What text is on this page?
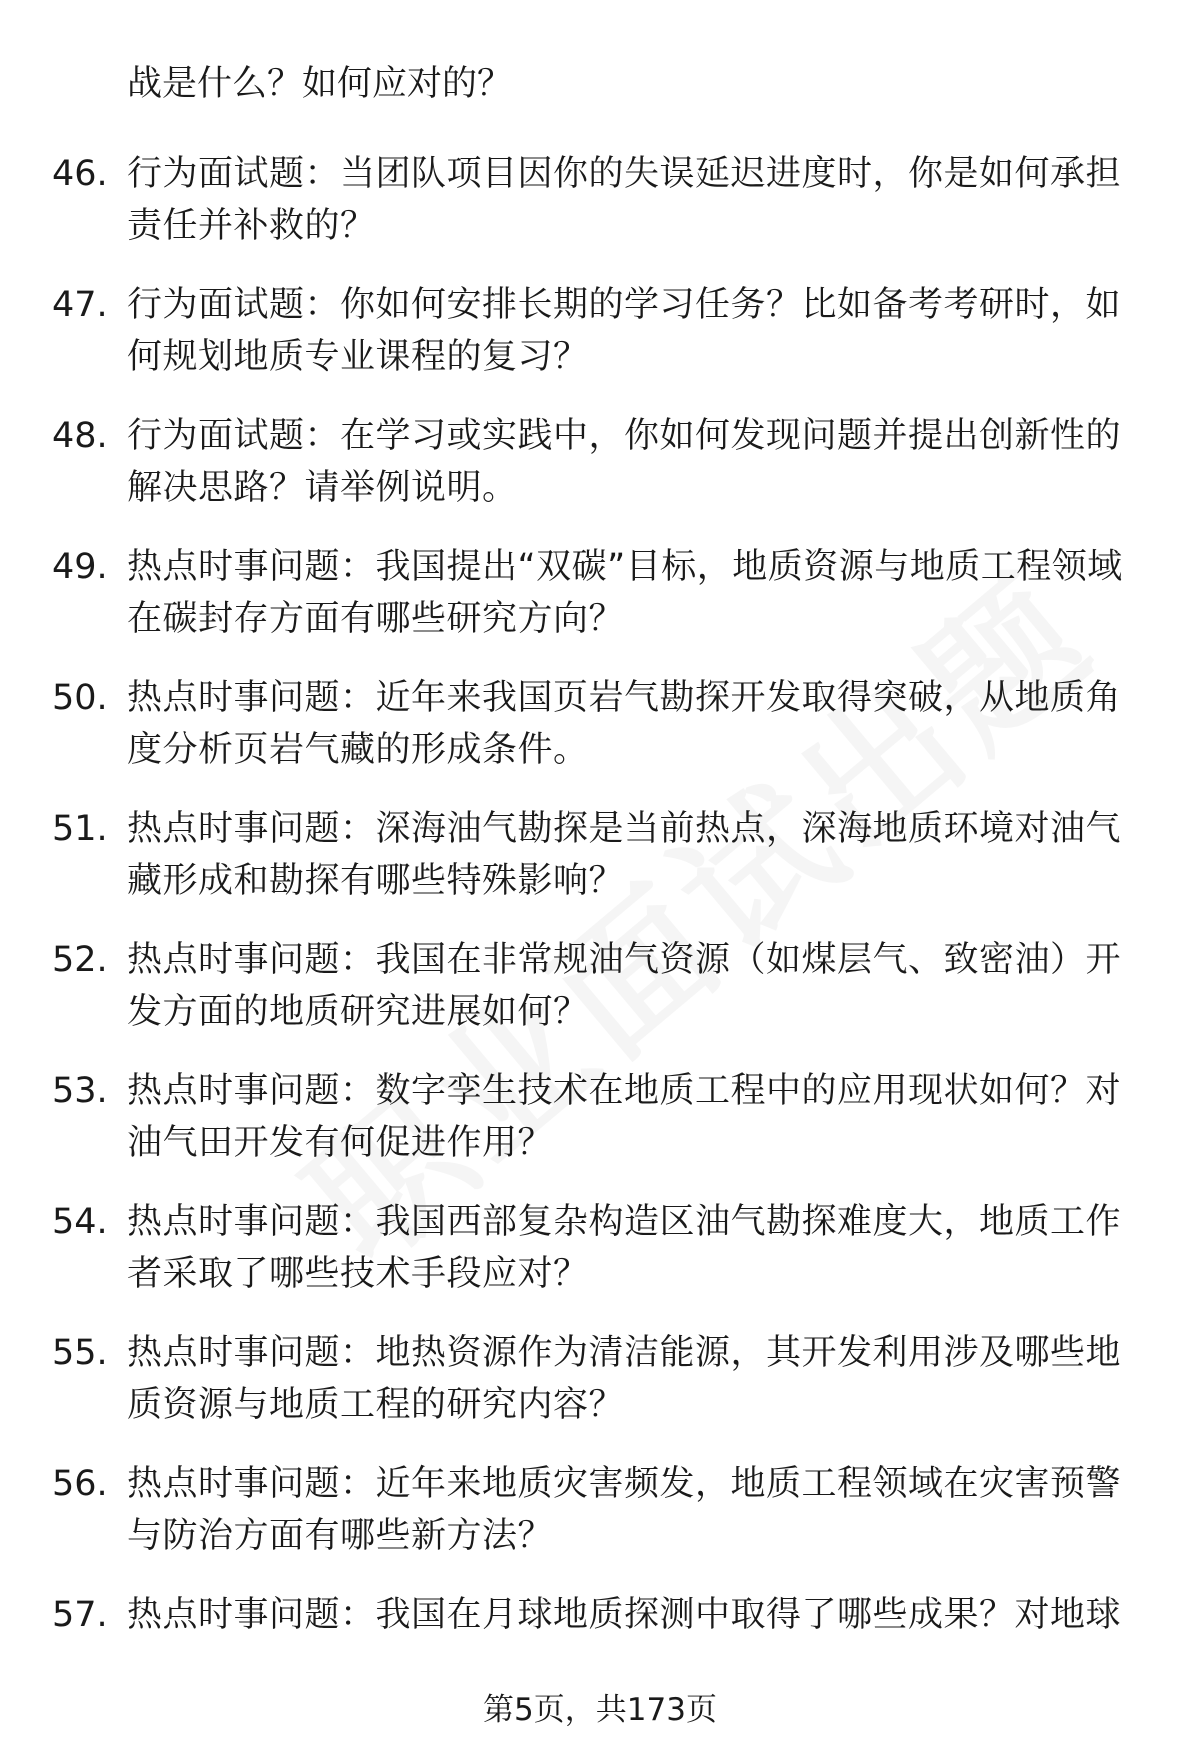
战是什么？如何应对的？
46. 行为面试题：当团队项目因你的失误延迟进度时，你是如何承担责任并补救的？
47. 行为面试题：你如何安排长期的学习任务？比如备考考研时，如何规划地质专业课程的复习？
48. 行为面试题：在学习或实践中，你如何发现问题并提出创新性的解决思路？请举例说明。
49. 热点时事问题：我国提出“双碳”目标，地质资源与地质工程领域在碳封存方面有哪些研究方向？
50. 热点时事问题：近年来我国页岩气勘探开发取得突破，从地质角度分析页岩气藏的形成条件。
51. 热点时事问题：深海油气勘探是当前热点，深海地质环境对油气藏形成和勘探有哪些特殊影响？
52. 热点时事问题：我国在非常规油气资源（如煤层气、致密油）开发方面的地质研究进展如何？
53. 热点时事问题：数字孪生技术在地质工程中的应用现状如何？对油气田开发有何促进作用？
54. 热点时事问题：我国西部复杂构造区油气勘探难度大，地质工作者采取了哪些技术手段应对？
55. 热点时事问题：地热资源作为清洁能源，其开发利用涉及哪些地质资源与地质工程的研究内容？
56. 热点时事问题：近年来地质灾害频发，地质工程领域在灾害预警与防治方面有哪些新方法？
57. 热点时事问题：我国在月球地质探测中取得了哪些成果？对地球
第5页，共173页
